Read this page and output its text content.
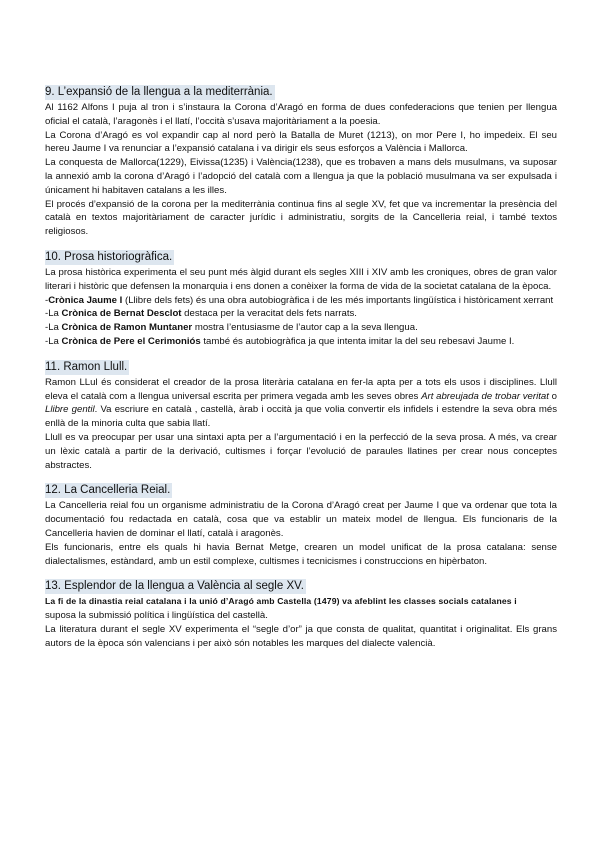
9. L’expansió de la llengua a la mediterrània.

Al 1162 Alfons I puja al tron i s’instaura la Corona d’Aragó en forma de dues confederacions que tenien per llengua oficial el català, l’aragonès i el llatí, l’occità s’usava majoritàriament a la poesia.

La Corona d’Aragó es vol expandir cap al nord però la Batalla de Muret (1213), on mor Pere I, ho impedeix. El seu hereu Jaume I va renunciar a l’expansió catalana i va dirigir els seus esforços a València i Mallorca.

La conquesta de Mallorca(1229), Eivissa(1235) i València(1238), que es trobaven a mans dels musulmans, va suposar la annexió amb la corona d’Aragó i l’adopció del català com a llengua ja que la població musulmana va ser expulsada i únicament hi habitaven catalans a les illes.

El procés d’expansió de la corona per la mediterrània continua fins al segle XV, fet que va incrementar la presència del català en textos majoritàriament de caracter jurídic i administratiu, sorgits de la Cancelleria reial, i també textos religiosos.

10. Prosa historiogràfica.

La prosa històrica experimenta el seu punt més àlgid durant els segles XIII i XIV amb les croniques, obres de gran valor literari i històric que defensen la monarquia i ens donen a conèixer la forma de vida de la societat catalana de la època.

-Crònica Jaume I (Llibre dels fets) és una obra autobiogràfica i de les més importants lingüística i històricament xerrant

-La Crònica de Bernat Desclot destaca per la veracitat dels fets narrats.

-La Crònica de Ramon Muntaner mostra l’entusiasme de l’autor cap a la seva llengua.

-La Crònica de Pere el Cerimoniós també és autobiogràfica ja que intenta imitar la del seu rebesavi Jaume I.

11. Ramon Llull.

Ramon LLul és considerat el creador de la prosa literària catalana en fer-la apta per a tots els usos i disciplines. Llull eleva el català com a llengua universal escrita per primera vegada amb les seves obres Art abreujada de trobar veritat o Llibre gentil. Va escriure en català , castellà, àrab i occità ja que volia convertir els infidels i estendre la seva obra més enllà de la minoria culta que sabia llatí.

Llull es va preocupar per usar una sintaxi apta per a l’argumentació i en la perfecció de la seva prosa. A més, va crear un lèxic català a partir de la derivació, cultismes i forçar l’evolució de paraules llatines per crear nous conceptes abstractes.

12. La Cancelleria Reial.

La Cancelleria reial fou un organisme administratiu de la Corona d’Aragó creat per Jaume I que va ordenar que tota la documentació fou redactada en català, cosa que va establir un mateix model de llengua. Els funcionaris de la Cancelleria havien de dominar el llatí, català i aragonès.

Els funcionaris, entre els quals hi havia Bernat Metge, crearen un model unificat de la prosa catalana: sense dialectalismes, estàndard, amb un estil complexe, cultismes i tecnicismes i construccions en hipèrbaton.

13. Esplendor de la llengua a València al segle XV.

La fi de la dinastia reial catalana i la unió d’Aragó amb Castella (1479) va afeblint les classes socials catalanes i

suposa la submissió política i lingüística del castellà.

La literatura durant el segle XV experimenta el “segle d’or” ja que consta de qualitat, quantitat i originalitat. Els grans autors de la època són valencians i per això són notables les marques del dialecte valencià.
